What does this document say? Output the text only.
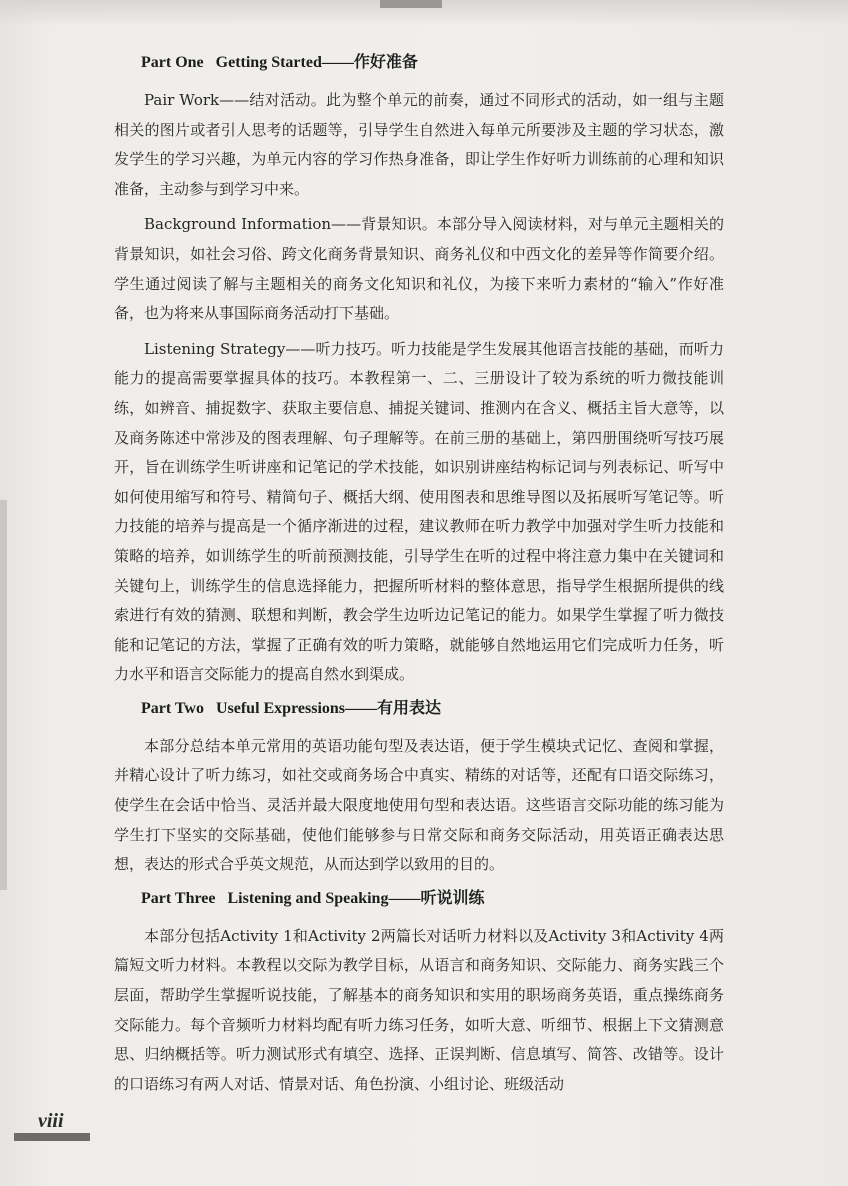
Part One Getting Started——作好准备

Pair Work——结对活动。此为整个单元的前奏，通过不同形式的活动，如一组与主题相关的图片或者引人思考的话题等，引导学生自然进入每单元所要涉及主题的学习状态，激发学生的学习兴趣，为单元内容的学习作热身准备，即让学生作好听力训练前的心理和知识准备，主动参与到学习中来。

Background Information——背景知识。本部分导入阅读材料，对与单元主题相关的背景知识，如社会习俗、跨文化商务背景知识、商务礼仪和中西文化的差异等作简要介绍。学生通过阅读了解与主题相关的商务文化知识和礼仪，为接下来听力素材的“输入”作好准备，也为将来从事国际商务活动打下基础。

Listening Strategy——听力技巧。听力技能是学生发展其他语言技能的基础，而听力能力的提高需要掌握具体的技巧。本教程第一、二、三册设计了较为系统的听力微技能训练，如辨音、捕捉数字、获取主要信息、捕捉关键词、推测内在含义、概括主旨大意等，以及商务陈述中常涉及的图表理解、句子理解等。在前三册的基础上，第四册围绕听写技巧展开，旨在训练学生听讲座和记笔记的学术技能，如识别讲座结构标记词与列表标记、听写中如何使用缩写和符号、精简句子、概括大纲、使用图表和思维导图以及拓展听写笔记等。听力技能的培养与提高是一个循序渐进的过程，建议教师在听力教学中加强对学生听力技能和策略的培养，如训练学生的听前预测技能，引导学生在听的过程中将注意力集中在关键词和关键句上，训练学生的信息选择能力，把握所听材料的整体意思，指导学生根据所提供的线索进行有效的猜测、联想和判断，教会学生边听边记笔记的能力。如果学生掌握了听力微技能和记笔记的方法，掌握了正确有效的听力策略，就能够自然地运用它们完成听力任务，听力水平和语言交际能力的提高自然水到渠成。

Part Two Useful Expressions——有用表达

本部分总结本单元常用的英语功能句型及表达语，便于学生模块式记忆、查阅和掌握，并精心设计了听力练习，如社交或商务场合中真实、精练的对话等，还配有口语交际练习，使学生在会话中恰当、灵活并最大限度地使用句型和表达语。这些语言交际功能的练习能为学生打下坚实的交际基础，使他们能够参与日常交际和商务交际活动，用英语正确表达思想，表达的形式合乎英文规范，从而达到学以致用的目的。

Part Three Listening and Speaking——听说训练

本部分包括Activity 1和Activity 2两篇长对话听力材料以及Activity 3和Activity 4两篇短文听力材料。本教程以交际为教学目标，从语言和商务知识、交际能力、商务实践三个层面，帮助学生掌握听说技能，了解基本的商务知识和实用的职场商务英语，重点操练商务交际能力。每个音频听力材料均配有听力练习任务，如听大意、听细节、根据上下文猜测意思、归纳概括等。听力测试形式有填空、选择、正误判断、信息填写、简答、改错等。设计的口语练习有两人对话、情景对话、角色扮演、小组讨论、班级活动

viii
